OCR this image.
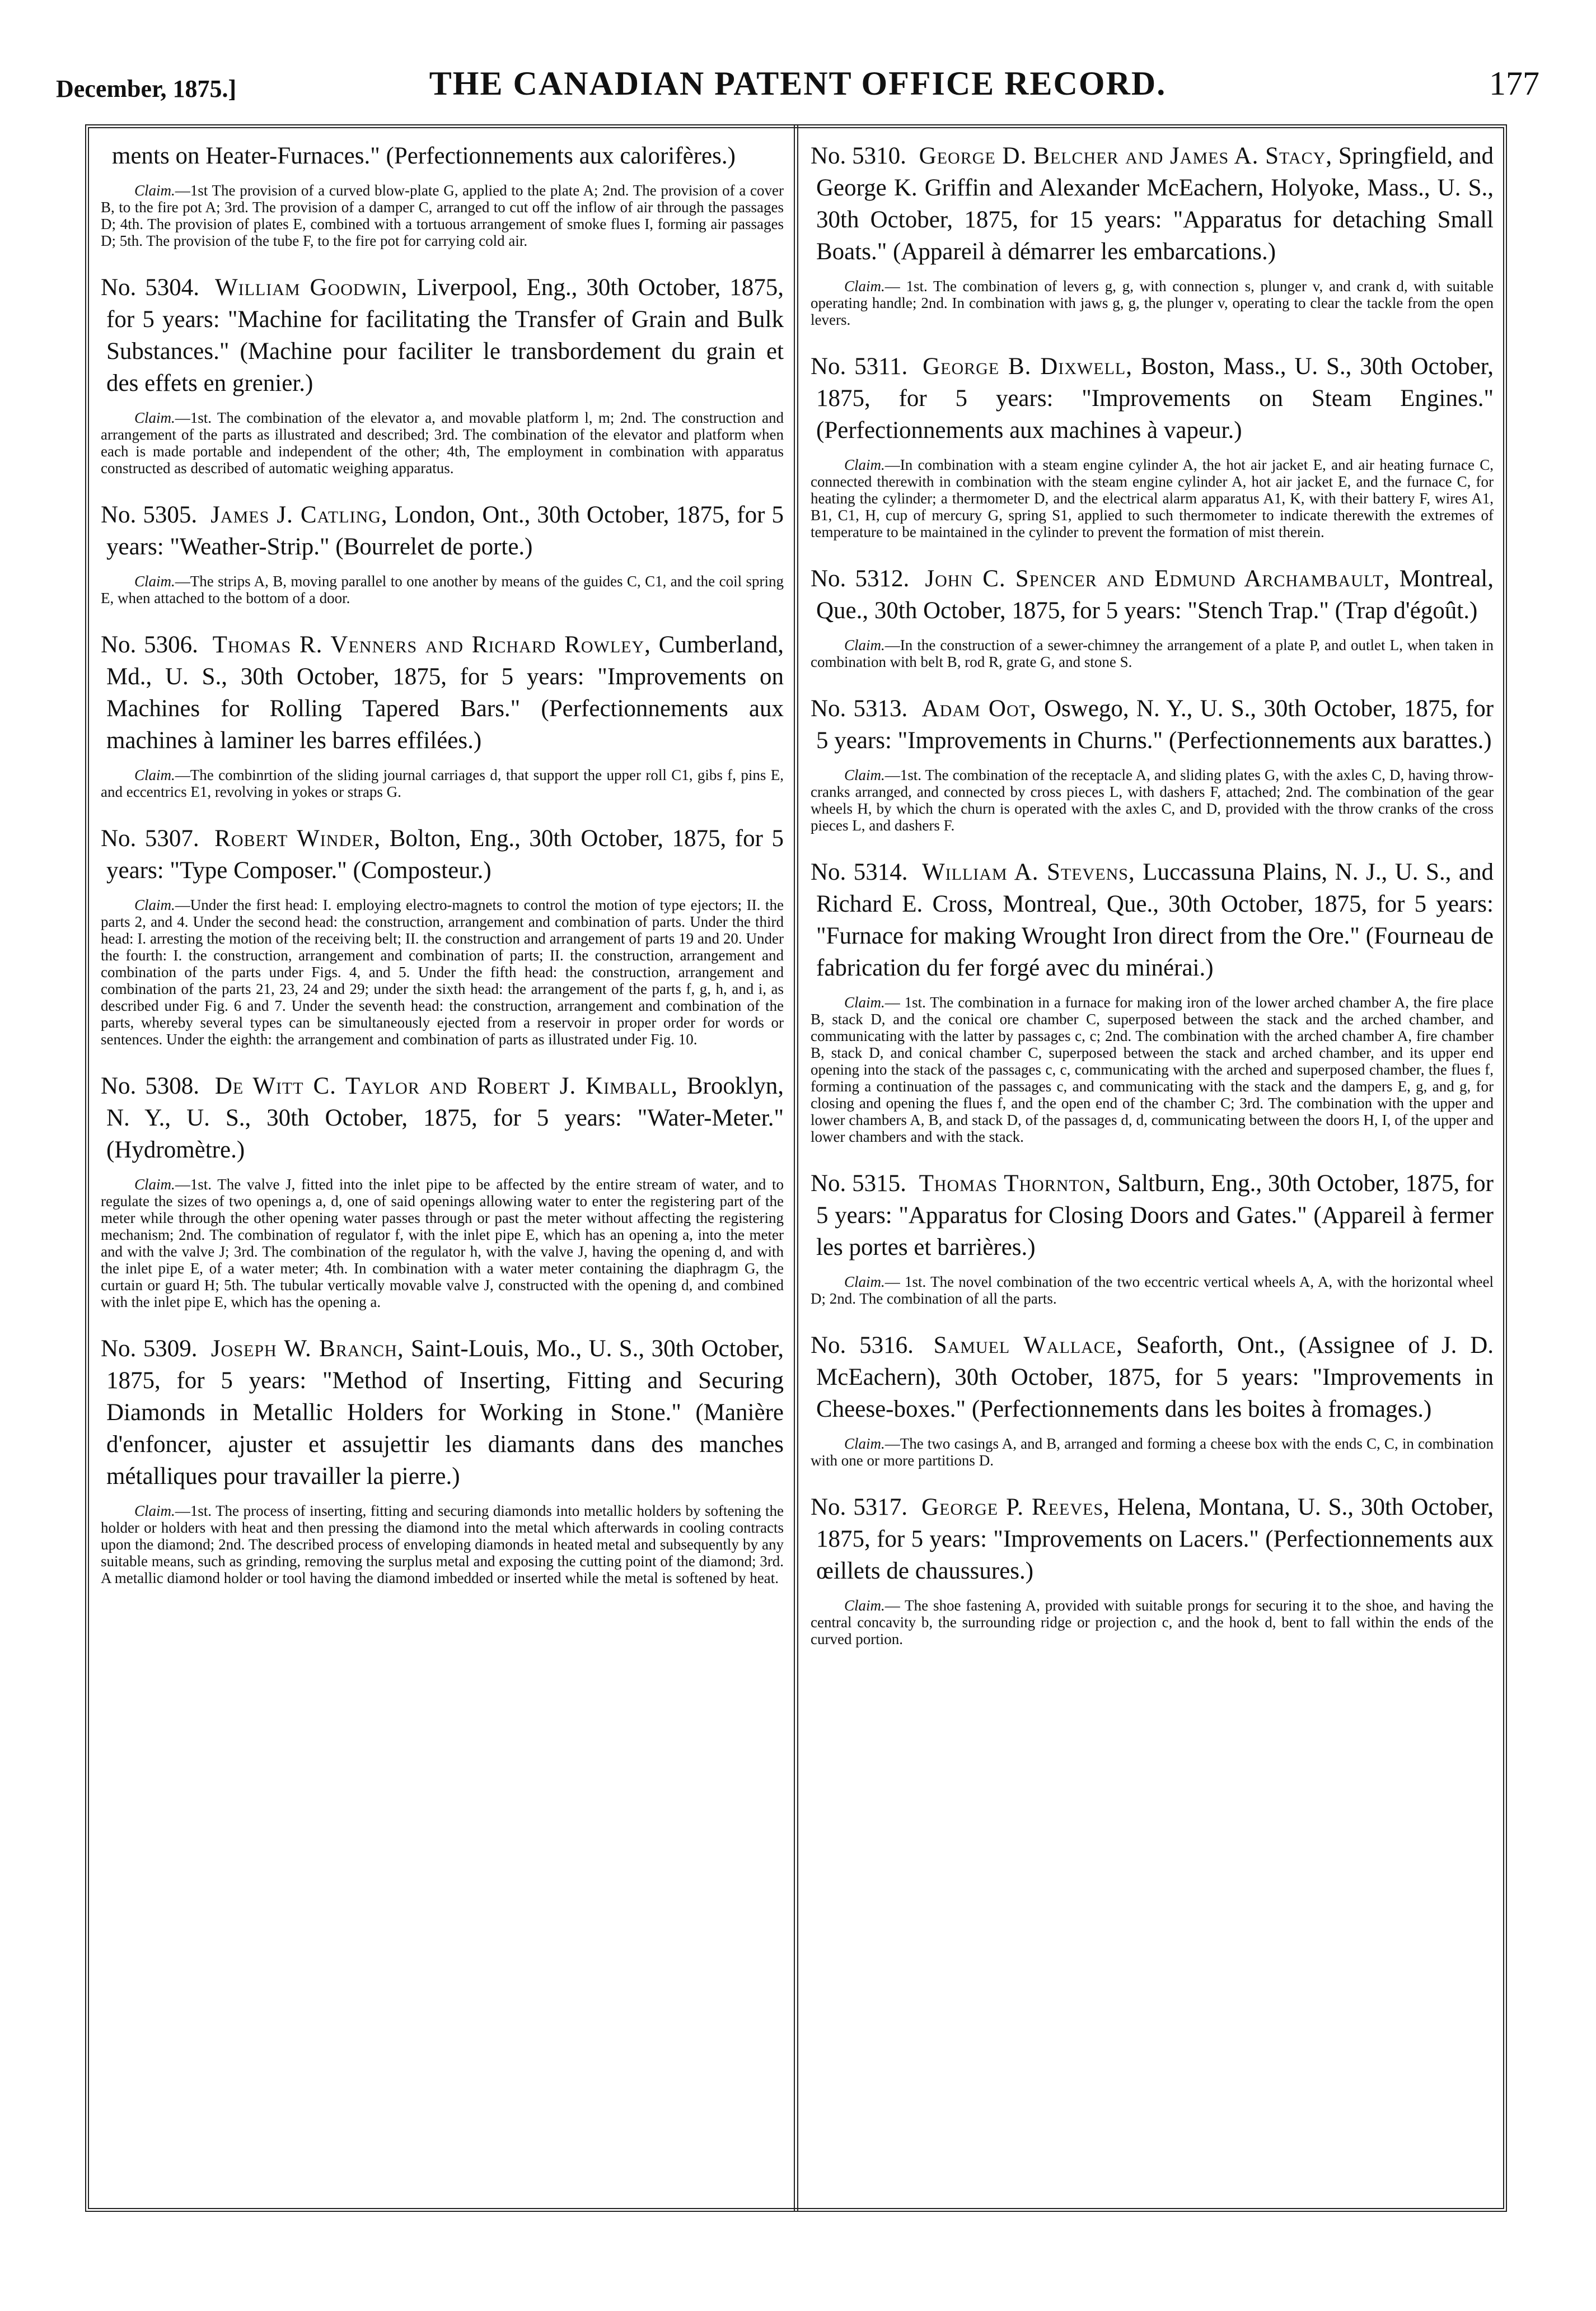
December, 1875.]	THE CANADIAN PATENT OFFICE RECORD.	177

ments on Heater-Furnaces." (Perfectionnements aux calorifères.)

Claim.—1st The provision of a curved blow-plate G, applied to the plate A; 2nd. The provision of a cover B, to the fire pot A; 3rd. The provision of a damper C, arranged to cut off the inflow of air through the passages D; 4th. The provision of plates E, combined with a tortuous arrangement of smoke flues I, forming air passages D; 5th. The provision of the tube F, to the fire pot for carrying cold air.

No. 5304. William Goodwin, Liverpool, Eng., 30th October, 1875, for 5 years: "Machine for facilitating the Transfer of Grain and Bulk Substances." (Machine pour faciliter le transbordement du grain et des effets en grenier.)

Claim.—1st. The combination of the elevator a, and movable platform l, m; 2nd. The construction and arrangement of the parts as illustrated and described; 3rd. The combination of the elevator and platform when each is made portable and independent of the other; 4th, The employment in combination with apparatus constructed as described of automatic weighing apparatus.

No. 5305. James J. Catling, London, Ont., 30th October, 1875, for 5 years: "Weather-Strip." (Bourrelet de porte.)

Claim.—The strips A, B, moving parallel to one another by means of the guides C, C1, and the coil spring E, when attached to the bottom of a door.

No. 5306. Thomas R. Venners and Richard Rowley, Cumberland, Md., U. S., 30th October, 1875, for 5 years: "Improvements on Machines for Rolling Tapered Bars." (Perfectionnements aux machines à laminer les barres effilées.)

Claim.—The combinrtion of the sliding journal carriages d, that support the upper roll C1, gibs f, pins E, and eccentrics E1, revolving in yokes or straps G.

No. 5307. Robert Winder, Bolton, Eng., 30th October, 1875, for 5 years: "Type Composer." (Composteur.)

Claim.—Under the first head: I. employing electro-magnets to control the motion of type ejectors; II. the parts 2, and 4. Under the second head: the construction, arrangement and combination of parts. Under the third head: I. arresting the motion of the receiving belt; II. the construction and arrangement of parts 19 and 20. Under the fourth: I. the construction, arrangement and combination of parts; II. the construction, arrangement and combination of the parts under Figs. 4, and 5. Under the fifth head: the construction, arrangement and combination of the parts 21, 23, 24 and 29; under the sixth head: the arrangement of the parts f, g, h, and i, as described under Fig. 6 and 7. Under the seventh head: the construction, arrangement and combination of the parts, whereby several types can be simultaneously ejected from a reservoir in proper order for words or sentences. Under the eighth: the arrangement and combination of parts as illustrated under Fig. 10.

No. 5308. De Witt C. Taylor and Robert J. Kimball, Brooklyn, N. Y., U. S., 30th October, 1875, for 5 years: "Water-Meter." (Hydromètre.)

Claim.—1st. The valve J, fitted into the inlet pipe to be affected by the entire stream of water, and to regulate the sizes of two openings a, d, one of said openings allowing water to enter the registering part of the meter while through the other opening water passes through or past the meter without affecting the registering mechanism; 2nd. The combination of regulator f, with the inlet pipe E, which has an opening a, into the meter and with the valve J; 3rd. The combination of the regulator h, with the valve J, having the opening d, and with the inlet pipe E, of a water meter; 4th. In combination with a water meter containing the diaphragm G, the curtain or guard H; 5th. The tubular vertically movable valve J, constructed with the opening d, and combined with the inlet pipe E, which has the opening a.

No. 5309. Joseph W. Branch, Saint-Louis, Mo., U. S., 30th October, 1875, for 5 years: "Method of Inserting, Fitting and Securing Diamonds in Metallic Holders for Working in Stone." (Manière d'enfoncer, ajuster et assujettir les diamants dans des manches métalliques pour travailler la pierre.)

Claim.—1st. The process of inserting, fitting and securing diamonds into metallic holders by softening the holder or holders with heat and then pressing the diamond into the metal which afterwards in cooling contracts upon the diamond; 2nd. The described process of enveloping diamonds in heated metal and subsequently by any suitable means, such as grinding, removing the surplus metal and exposing the cutting point of the diamond; 3rd. A metallic diamond holder or tool having the diamond imbedded or inserted while the metal is softened by heat.

No. 5310. George D. Belcher and James A. Stacy, Springfield, and George K. Griffin and Alexander McEachern, Holyoke, Mass., U. S., 30th October, 1875, for 15 years: "Apparatus for detaching Small Boats." (Appareil à démarrer les embarcations.)

Claim.— 1st. The combination of levers g, g, with connection s, plunger v, and crank d, with suitable operating handle; 2nd. In combination with jaws g, g, the plunger v, operating to clear the tackle from the open levers.

No. 5311. George B. Dixwell, Boston, Mass., U. S., 30th October, 1875, for 5 years: "Improvements on Steam Engines." (Perfectionnements aux machines à vapeur.)

Claim.—In combination with a steam engine cylinder A, the hot air jacket E, and air heating furnace C, connected therewith in combination with the steam engine cylinder A, hot air jacket E, and the furnace C, for heating the cylinder; a thermometer D, and the electrical alarm apparatus A1, K, with their battery F, wires A1, B1, C1, H, cup of mercury G, spring S1, applied to such thermometer to indicate therewith the extremes of temperature to be maintained in the cylinder to prevent the formation of mist therein.

No. 5312. John C. Spencer and Edmund Archambault, Montreal, Que., 30th October, 1875, for 5 years: "Stench Trap." (Trap d'égoût.)

Claim.—In the construction of a sewer-chimney the arrangement of a plate P, and outlet L, when taken in combination with belt B, rod R, grate G, and stone S.

No. 5313. Adam Oot, Oswego, N. Y., U. S., 30th October, 1875, for 5 years: "Improvements in Churns." (Perfectionnements aux barattes.)

Claim.—1st. The combination of the receptacle A, and sliding plates G, with the axles C, D, having throw-cranks arranged, and connected by cross pieces L, with dashers F, attached; 2nd. The combination of the gear wheels H, by which the churn is operated with the axles C, and D, provided with the throw cranks of the cross pieces L, and dashers F.

No. 5314. William A. Stevens, Luccassuna Plains, N. J., U. S., and Richard E. Cross, Montreal, Que., 30th October, 1875, for 5 years: "Furnace for making Wrought Iron direct from the Ore." (Fourneau de fabrication du fer forgé avec du minérai.)

Claim.— 1st. The combination in a furnace for making iron of the lower arched chamber A, the fire place B, stack D, and the conical ore chamber C, superposed between the stack and the arched chamber, and communicating with the latter by passages c, c; 2nd. The combination with the arched chamber A, fire chamber B, stack D, and conical chamber C, superposed between the stack and arched chamber, and its upper end opening into the stack of the passages c, c, communicating with the arched and superposed chamber, the flues f, forming a continuation of the passages c, and communicating with the stack and the dampers E, g, and g, for closing and opening the flues f, and the open end of the chamber C; 3rd. The combination with the upper and lower chambers A, B, and stack D, of the passages d, d, communicating between the doors H, I, of the upper and lower chambers and with the stack.

No. 5315. Thomas Thornton, Saltburn, Eng., 30th October, 1875, for 5 years: "Apparatus for Closing Doors and Gates." (Appareil à fermer les portes et barrières.)

Claim.— 1st. The novel combination of the two eccentric vertical wheels A, A, with the horizontal wheel D; 2nd. The combination of all the parts.

No. 5316. Samuel Wallace, Seaforth, Ont., (Assignee of J. D. McEachern), 30th October, 1875, for 5 years: "Improvements in Cheese-boxes." (Perfectionnements dans les boites à fromages.)

Claim.—The two casings A, and B, arranged and forming a cheese box with the ends C, C, in combination with one or more partitions D.

No. 5317. George P. Reeves, Helena, Montana, U. S., 30th October, 1875, for 5 years: "Improvements on Lacers." (Perfectionnements aux œillets de chaussures.)

Claim.— The shoe fastening A, provided with suitable prongs for securing it to the shoe, and having the central concavity b, the surrounding ridge or projection c, and the hook d, bent to fall within the ends of the curved portion.
